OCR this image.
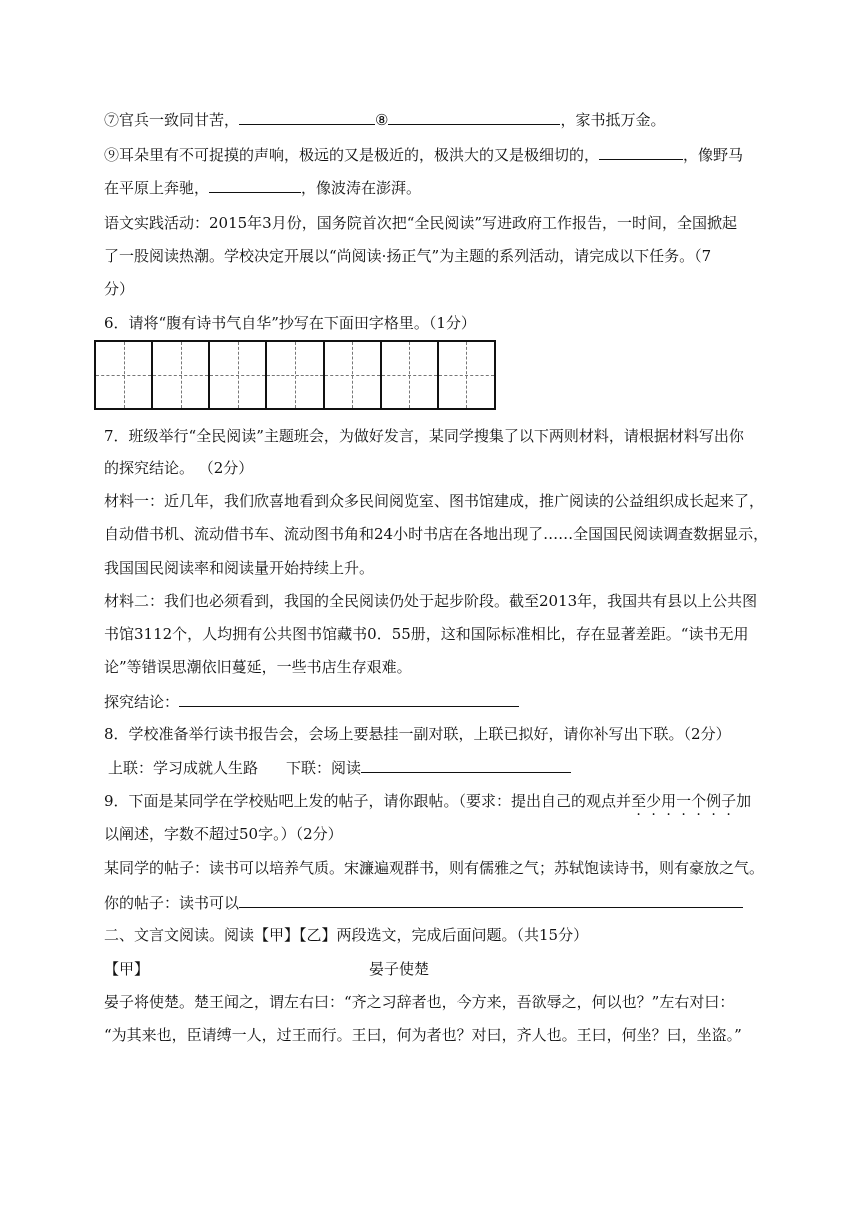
⑦官兵一致同甘苦，	⑧	，家书抵万金。
⑨耳朵里有不可捉摸的声响，极远的又是极近的，极洪大的又是极细切的，	，像野马
在平原上奔驰，	，像波涛在澎湃。
语文实践活动：2015年3月份，国务院首次把“全民阅读”写进政府工作报告，一时间，全国掀起
了一股阅读热潮。学校决定开展以“尚阅读·扬正气”为主题的系列活动，请完成以下任务。（7
分）
6．请将“腹有诗书气自华”抄写在下面田字格里。（1分）
7．班级举行“全民阅读”主题班会，为做好发言，某同学搜集了以下两则材料，请根据材料写出你
的探究结论。 （2分）
材料一：近几年，我们欣喜地看到众多民间阅览室、图书馆建成，推广阅读的公益组织成长起来了，
自动借书机、流动借书车、流动图书角和24小时书店在各地出现了……全国国民阅读调查数据显示，
我国国民阅读率和阅读量开始持续上升。
材料二：我们也必须看到，我国的全民阅读仍处于起步阶段。截至2013年，我国共有县以上公共图
书馆3112个，人均拥有公共图书馆藏书0．55册，这和国际标准相比，存在显著差距。“读书无用
论”等错误思潮依旧蔓延，一些书店生存艰难。
探究结论：
8．学校准备举行读书报告会，会场上要悬挂一副对联，上联已拟好，请你补写出下联。（2分）
上联：学习成就人生路 下联：阅读
9．下面是某同学在学校贴吧上发的帖子，请你跟帖。（要求：提出自己的观点并至少用一个例子加
以阐述，字数不超过50字。）（2分）
某同学的帖子：读书可以培养气质。宋濂遍观群书，则有儒雅之气；苏轼饱读诗书，则有豪放之气。
你的帖子：读书可以
二、文言文阅读。阅读【甲】【乙】两段选文，完成后面问题。（共15分）
【甲】	晏子使楚
晏子将使楚。楚王闻之，谓左右曰：“齐之习辞者也，今方来，吾欲辱之，何以也？”左右对曰：
“为其来也，臣请缚一人，过王而行。王曰，何为者也？对曰，齐人也。王曰，何坐？曰，坐盗。”
